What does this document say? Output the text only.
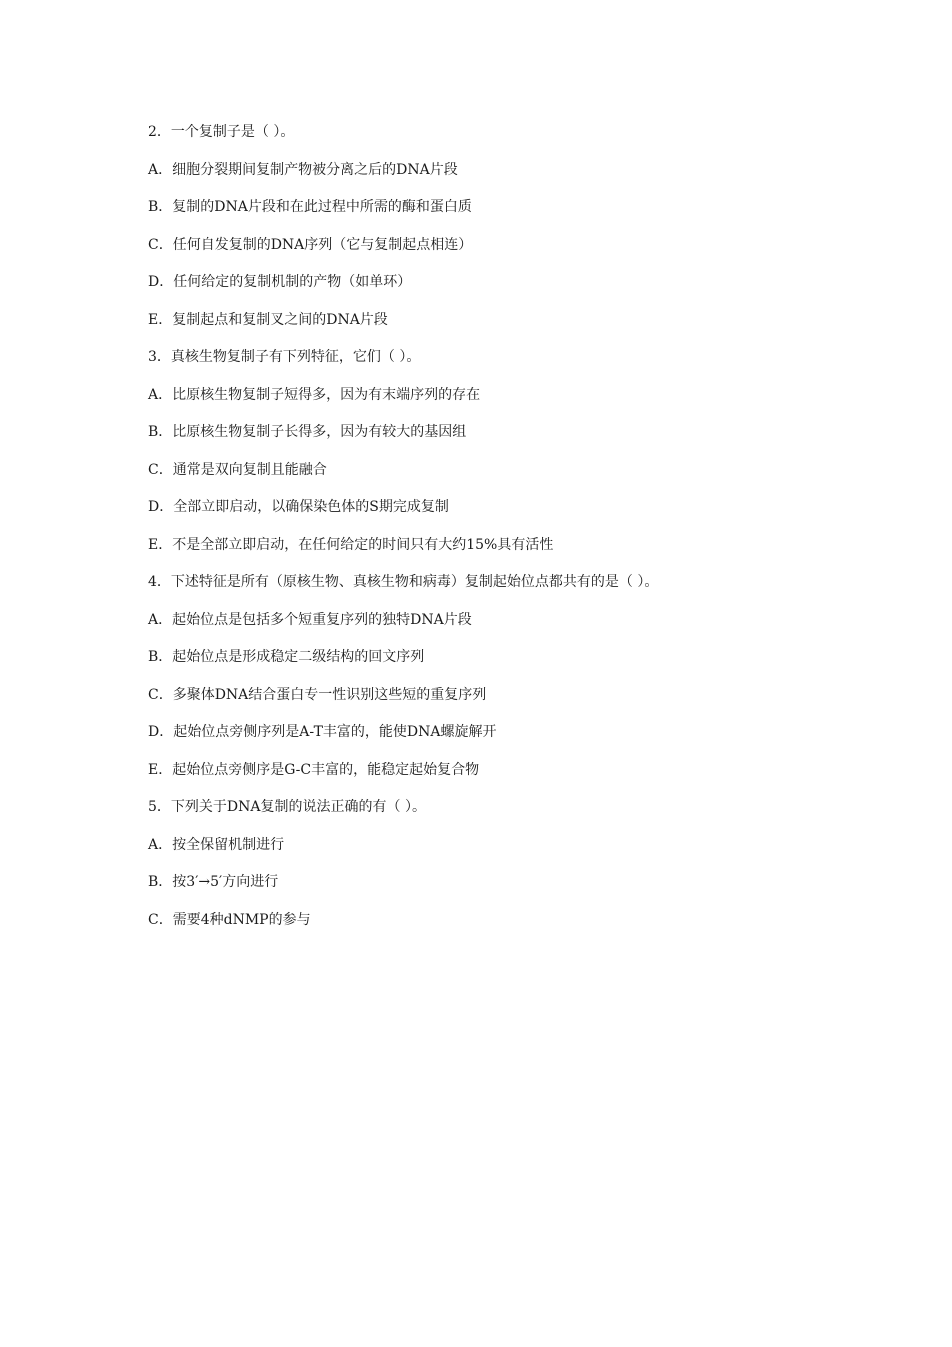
2．一个复制子是（ ）。
A．细胞分裂期间复制产物被分离之后的DNA片段
B．复制的DNA片段和在此过程中所需的酶和蛋白质
C．任何自发复制的DNA序列（它与复制起点相连）
D．任何给定的复制机制的产物（如单环）
E．复制起点和复制叉之间的DNA片段
3．真核生物复制子有下列特征，它们（ ）。
A．比原核生物复制子短得多，因为有末端序列的存在
B．比原核生物复制子长得多，因为有较大的基因组
C．通常是双向复制且能融合
D．全部立即启动，以确保染色体的S期完成复制
E．不是全部立即启动，在任何给定的时间只有大约15%具有活性
4．下述特征是所有（原核生物、真核生物和病毒）复制起始位点都共有的是（ ）。
A．起始位点是包括多个短重复序列的独特DNA片段
B．起始位点是形成稳定二级结构的回文序列
C．多聚体DNA结合蛋白专一性识别这些短的重复序列
D．起始位点旁侧序列是A-T丰富的，能使DNA螺旋解开
E．起始位点旁侧序是G-C丰富的，能稳定起始复合物
5．下列关于DNA复制的说法正确的有（ ）。
A．按全保留机制进行
B．按3′→5′方向进行
C．需要4种dNMP的参与
